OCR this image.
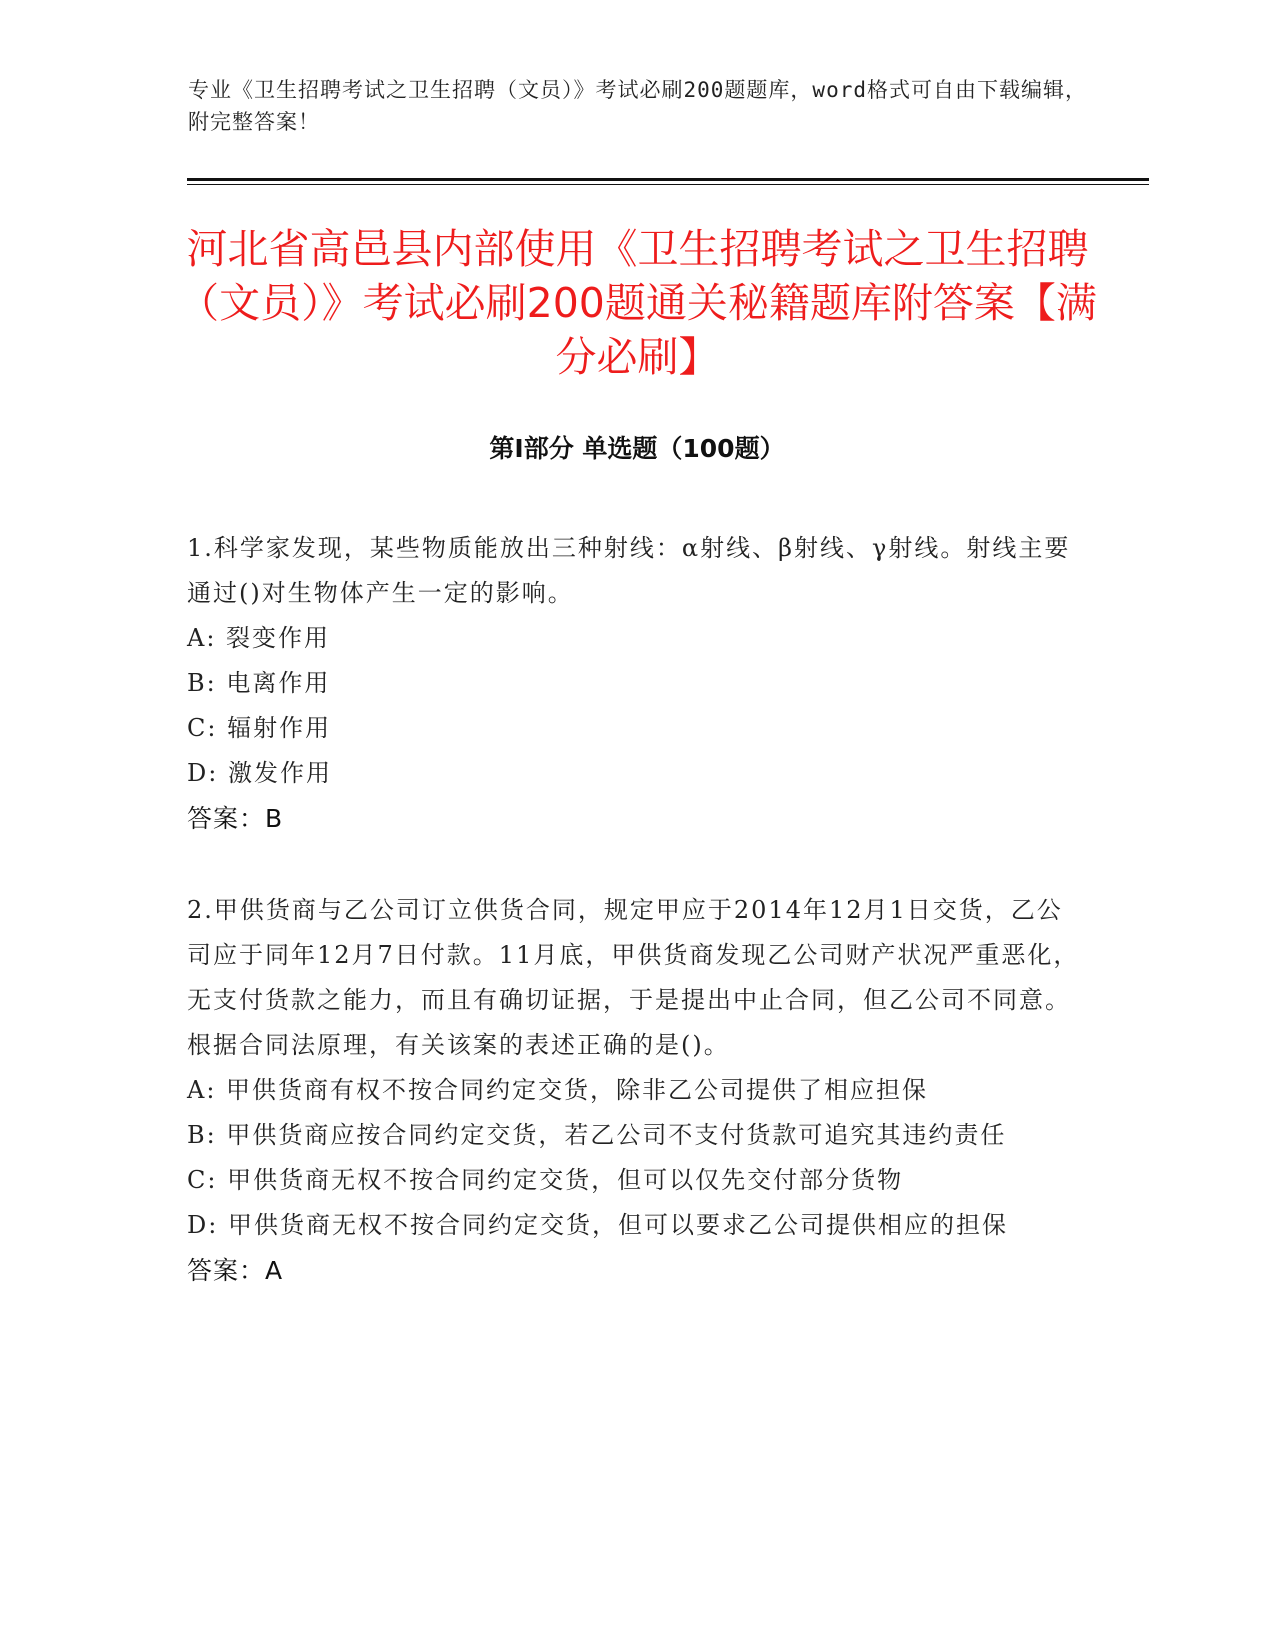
专业《卫生招聘考试之卫生招聘（文员）》考试必刷200题题库，word格式可自由下载编辑，附完整答案！
河北省高邑县内部使用《卫生招聘考试之卫生招聘（文员）》考试必刷200题通关秘籍题库附答案【满分必刷】
第Ⅰ部分 单选题（100题）

1.科学家发现，某些物质能放出三种射线：α射线、β射线、γ射线。射线主要通过()对生物体产生一定的影响。

A: 裂变作用

B: 电离作用

C: 辐射作用

D: 激发作用

答案：B

2.甲供货商与乙公司订立供货合同，规定甲应于2014年12月1日交货，乙公司应于同年12月7日付款。11月底，甲供货商发现乙公司财产状况严重恶化，无支付货款之能力，而且有确切证据，于是提出中止合同，但乙公司不同意。根据合同法原理，有关该案的表述正确的是()。

A: 甲供货商有权不按合同约定交货，除非乙公司提供了相应担保

B: 甲供货商应按合同约定交货，若乙公司不支付货款可追究其违约责任

C: 甲供货商无权不按合同约定交货，但可以仅先交付部分货物

D: 甲供货商无权不按合同约定交货，但可以要求乙公司提供相应的担保

答案：A
